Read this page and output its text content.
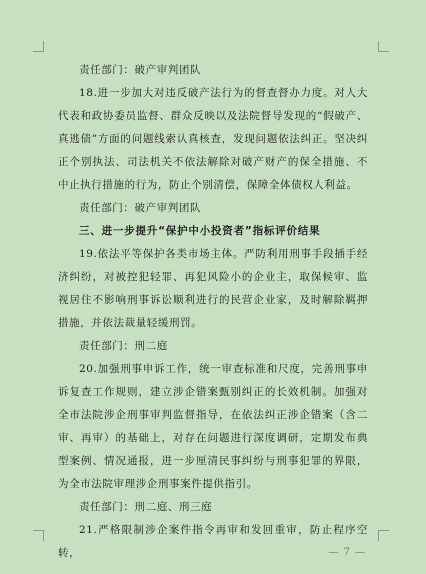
责任部门：破产审判团队

18.进一步加大对违反破产法行为的督查督办力度。对人大代表和政协委员监督、群众反映以及法院督导发现的“假破产、真逃债”方面的问题线索认真核查，发现问题依法纠正。坚决纠正个别执法、司法机关不依法解除对破产财产的保全措施、不中止执行措施的行为，防止个别清偿，保障全体债权人利益。

责任部门：破产审判团队

三、进一步提升“保护中小投资者”指标评价结果

19.依法平等保护各类市场主体。严防利用刑事手段插手经济纠纷，对被控犯轻罪、再犯风险小的企业主，取保候审、监视居住不影响刑事诉讼顺利进行的民营企业家，及时解除羁押措施，并依法裁量轻缓刑罚。

责任部门：刑二庭

20.加强刑事申诉工作，统一审查标准和尺度，完善刑事申诉复查工作规则，建立涉企错案甄别纠正的长效机制。加强对全市法院涉企刑事审判监督指导，在依法纠正涉企错案（含二审、再审）的基础上，对存在问题进行深度调研，定期发布典型案例、情况通报，进一步厘清民事纠纷与刑事犯罪的界限，为全市法院审理涉企刑事案件提供指引。

责任部门：刑二庭、刑三庭

21.严格限制涉企案件指令再审和发回重审，防止程序空转，	— 7 —
